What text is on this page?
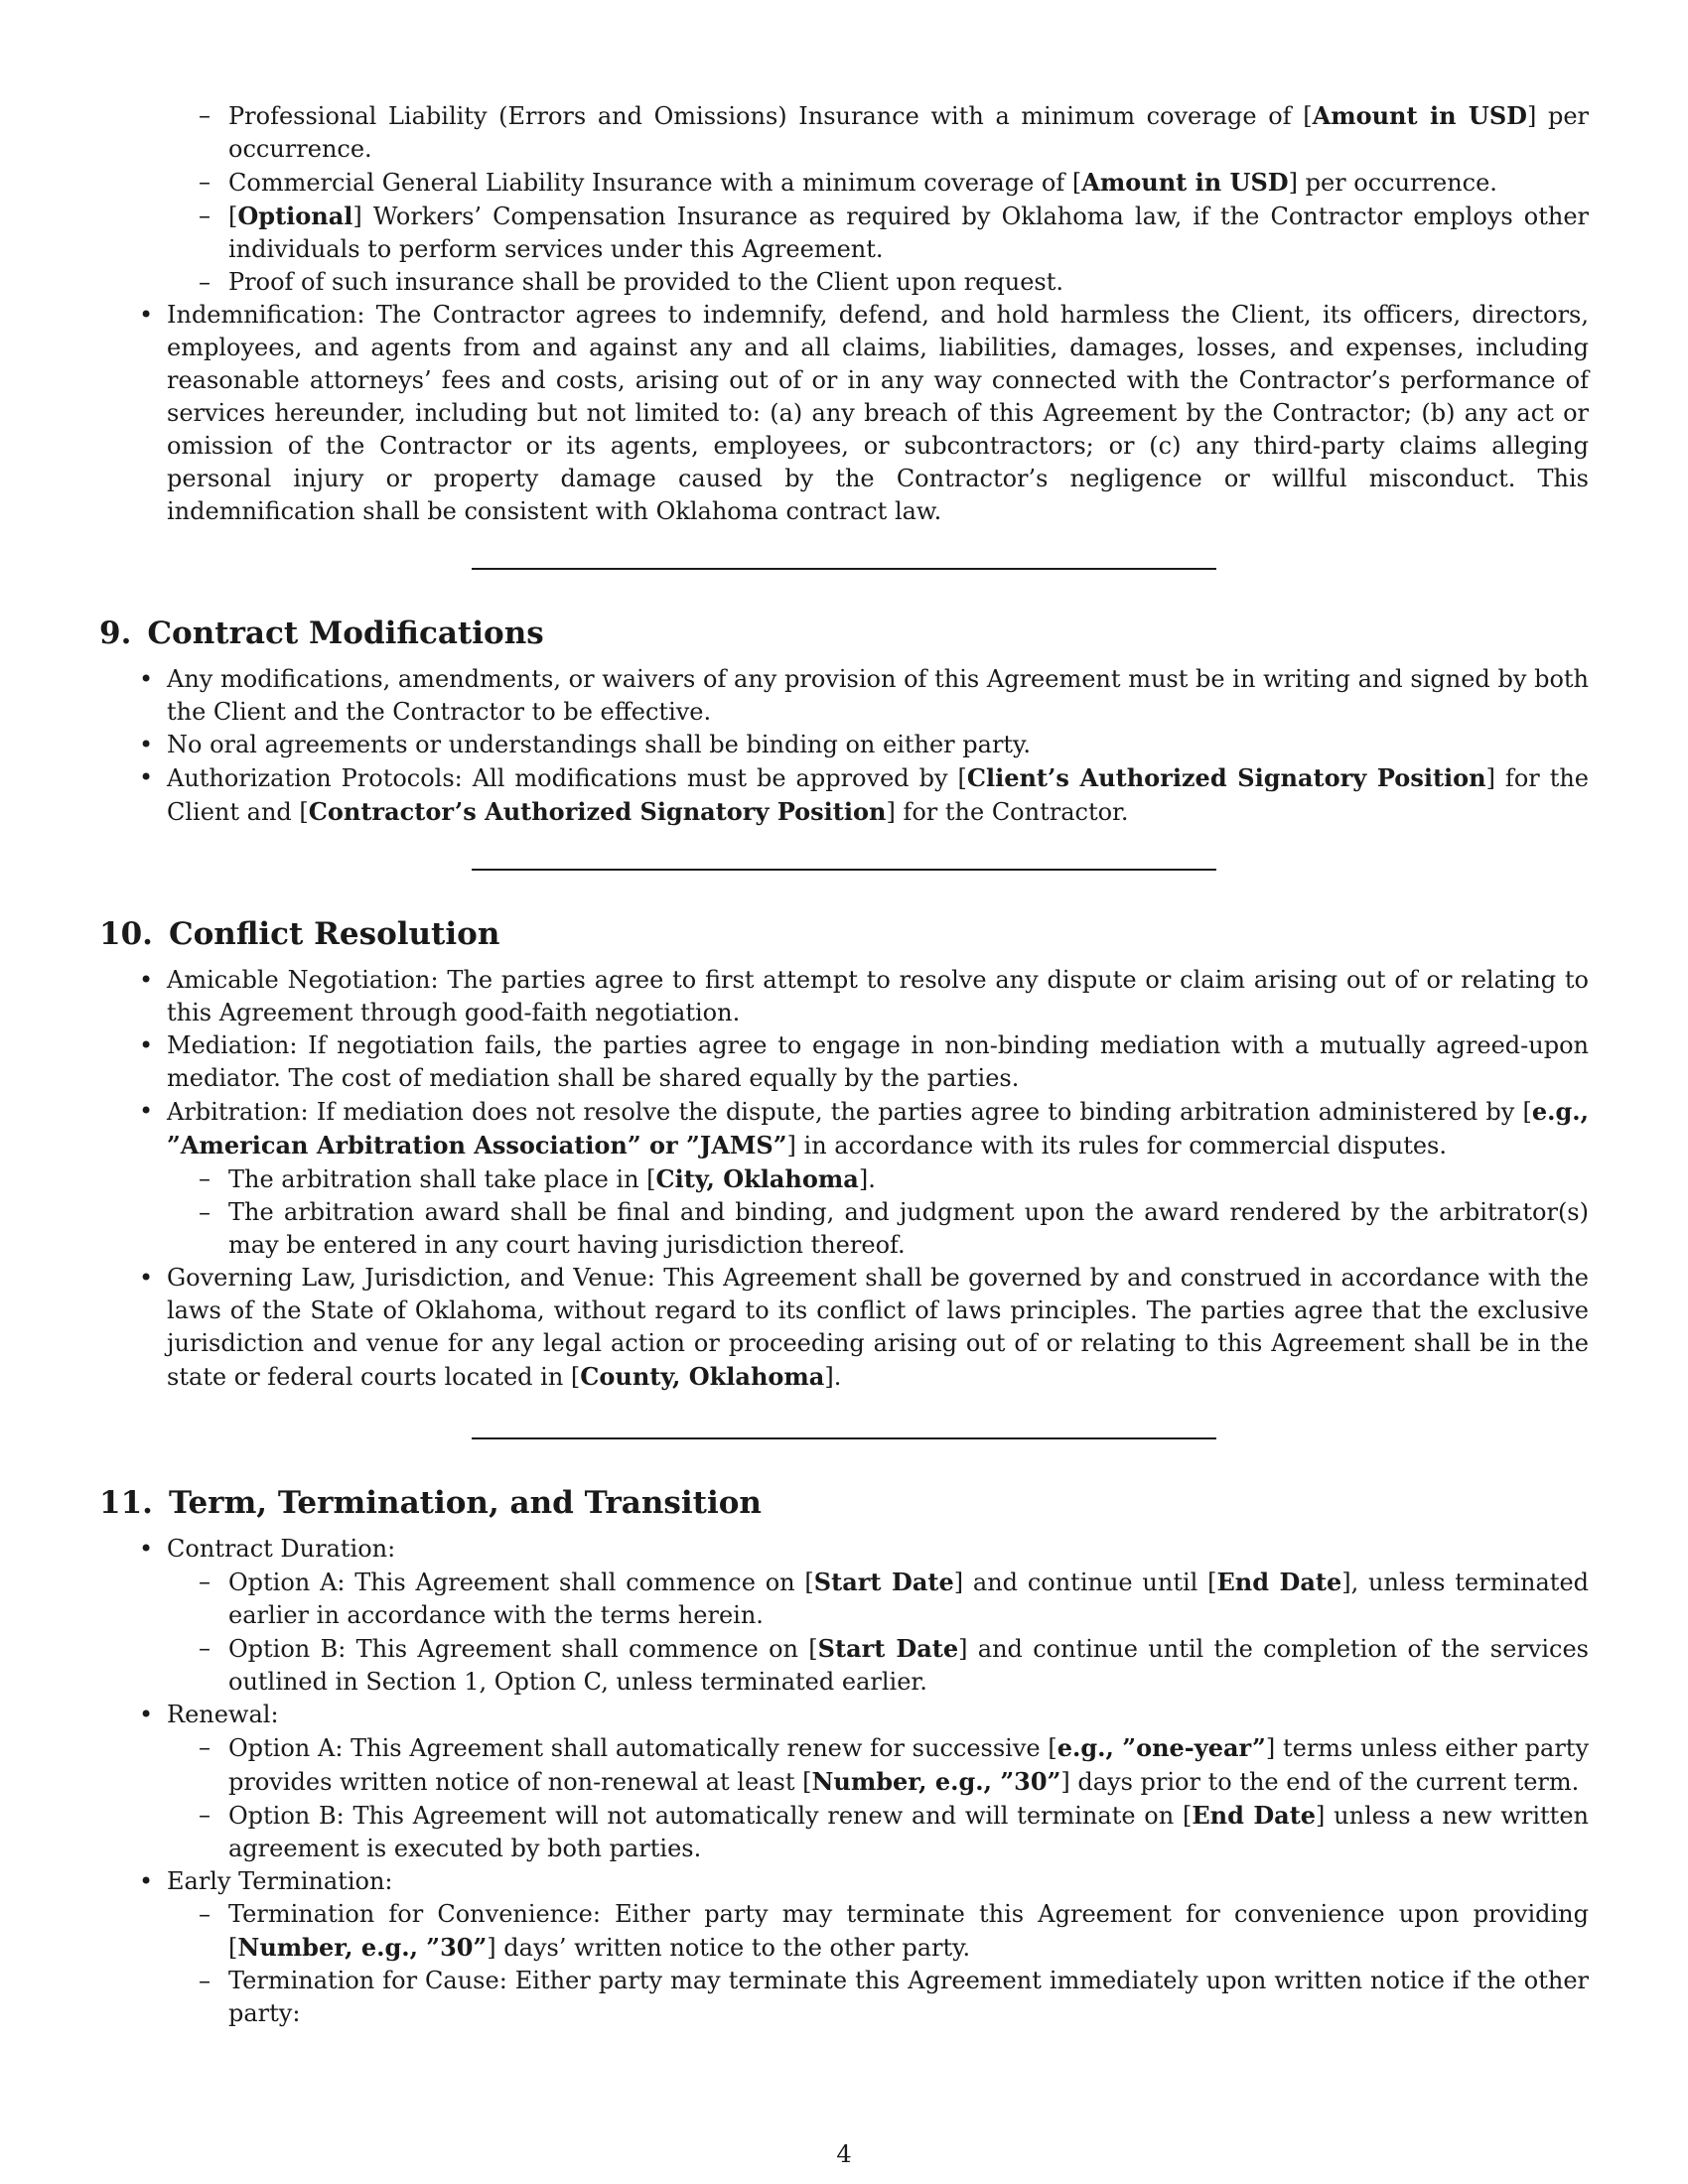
– Professional Liability (Errors and Omissions) Insurance with a minimum coverage of [Amount in USD] per occurrence.
– Commercial General Liability Insurance with a minimum coverage of [Amount in USD] per occurrence.
– [Optional] Workers’ Compensation Insurance as required by Oklahoma law, if the Contractor employs other individuals to perform services under this Agreement.
– Proof of such insurance shall be provided to the Client upon request.
• Indemnification: The Contractor agrees to indemnify, defend, and hold harmless the Client, its officers, directors, employees, and agents from and against any and all claims, liabilities, damages, losses, and expenses, including reasonable attorneys’ fees and costs, arising out of or in any way connected with the Contractor’s performance of services hereunder, including but not limited to: (a) any breach of this Agreement by the Contractor; (b) any act or omission of the Contractor or its agents, employees, or subcontractors; or (c) any third-party claims alleging personal injury or property damage caused by the Contractor’s negligence or willful misconduct. This indemnification shall be consistent with Oklahoma contract law.
9. Contract Modifications
• Any modifications, amendments, or waivers of any provision of this Agreement must be in writing and signed by both the Client and the Contractor to be effective.
• No oral agreements or understandings shall be binding on either party.
• Authorization Protocols: All modifications must be approved by [Client’s Authorized Signatory Position] for the Client and [Contractor’s Authorized Signatory Position] for the Contractor.
10. Conflict Resolution
• Amicable Negotiation: The parties agree to first attempt to resolve any dispute or claim arising out of or relating to this Agreement through good-faith negotiation.
• Mediation: If negotiation fails, the parties agree to engage in non-binding mediation with a mutually agreed-upon mediator. The cost of mediation shall be shared equally by the parties.
• Arbitration: If mediation does not resolve the dispute, the parties agree to binding arbitration administered by [e.g., ”American Arbitration Association” or ”JAMS”] in accordance with its rules for commercial disputes.
– The arbitration shall take place in [City, Oklahoma].
– The arbitration award shall be final and binding, and judgment upon the award rendered by the arbitrator(s) may be entered in any court having jurisdiction thereof.
• Governing Law, Jurisdiction, and Venue: This Agreement shall be governed by and construed in accordance with the laws of the State of Oklahoma, without regard to its conflict of laws principles. The parties agree that the exclusive jurisdiction and venue for any legal action or proceeding arising out of or relating to this Agreement shall be in the state or federal courts located in [County, Oklahoma].
11. Term, Termination, and Transition
• Contract Duration:
– Option A: This Agreement shall commence on [Start Date] and continue until [End Date], unless terminated earlier in accordance with the terms herein.
– Option B: This Agreement shall commence on [Start Date] and continue until the completion of the services outlined in Section 1, Option C, unless terminated earlier.
• Renewal:
– Option A: This Agreement shall automatically renew for successive [e.g., ”one-year”] terms unless either party provides written notice of non-renewal at least [Number, e.g., ”30”] days prior to the end of the current term.
– Option B: This Agreement will not automatically renew and will terminate on [End Date] unless a new written agreement is executed by both parties.
• Early Termination:
– Termination for Convenience: Either party may terminate this Agreement for convenience upon providing [Number, e.g., ”30”] days’ written notice to the other party.
– Termination for Cause: Either party may terminate this Agreement immediately upon written notice if the other party:
4
